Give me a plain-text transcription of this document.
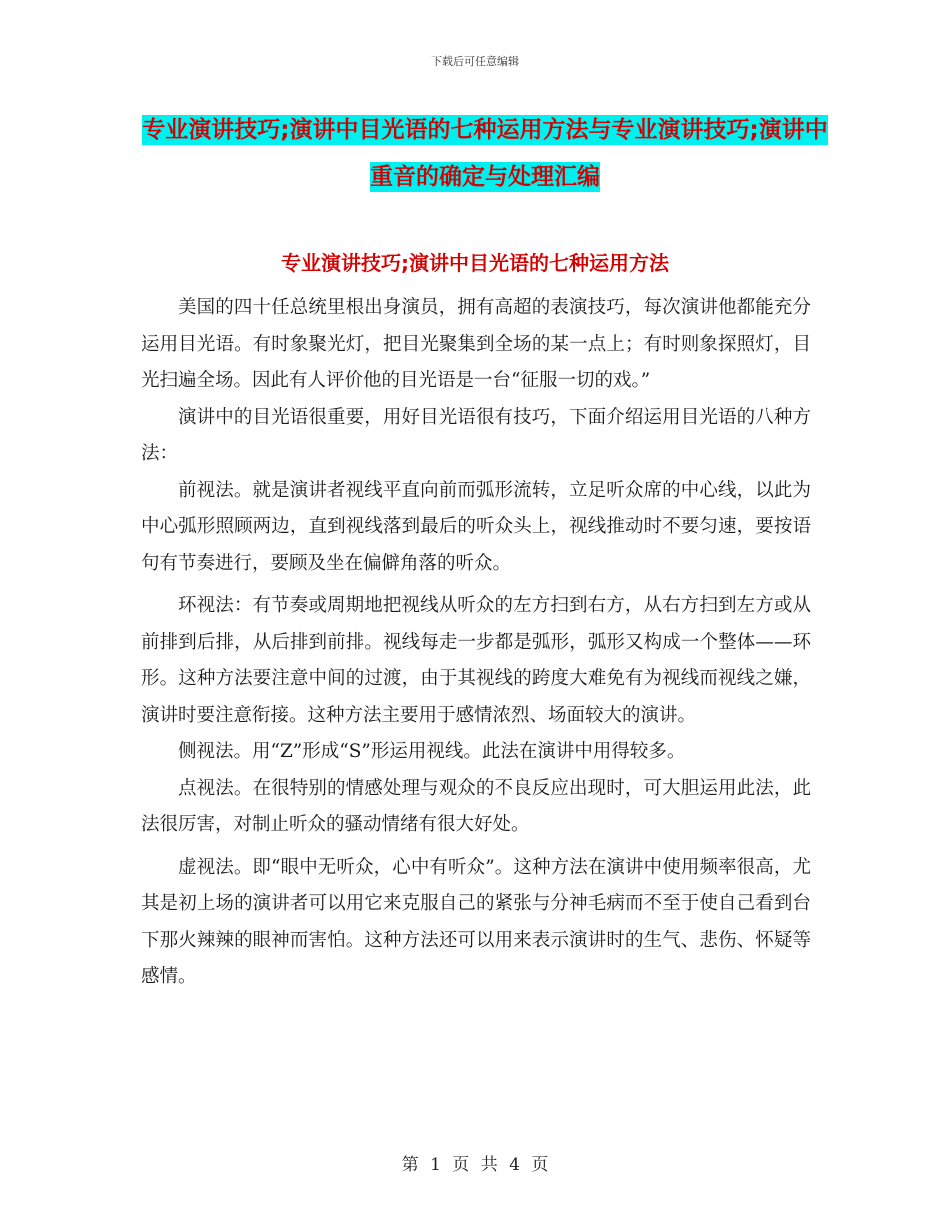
下载后可任意编辑
专业演讲技巧;演讲中目光语的七种运用方法与专业演讲技巧;演讲中重音的确定与处理汇编
专业演讲技巧;演讲中目光语的七种运用方法

美国的四十任总统里根出身演员，拥有高超的表演技巧，每次演讲他都能充分运用目光语。有时象聚光灯，把目光聚集到全场的某一点上；有时则象探照灯，目光扫遍全场。因此有人评价他的目光语是一台“征服一切的戏。”

演讲中的目光语很重要，用好目光语很有技巧，下面介绍运用目光语的八种方法：

前视法。就是演讲者视线平直向前而弧形流转，立足听众席的中心线，以此为中心弧形照顾两边，直到视线落到最后的听众头上，视线推动时不要匀速，要按语句有节奏进行，要顾及坐在偏僻角落的听众。

环视法：有节奏或周期地把视线从听众的左方扫到右方，从右方扫到左方或从前排到后排，从后排到前排。视线每走一步都是弧形，弧形又构成一个整体——环形。这种方法要注意中间的过渡，由于其视线的跨度大难免有为视线而视线之嫌，演讲时要注意衔接。这种方法主要用于感情浓烈、场面较大的演讲。

侧视法。用“Z”形成“S”形运用视线。此法在演讲中用得较多。

点视法。在很特别的情感处理与观众的不良反应出现时，可大胆运用此法，此法很厉害，对制止听众的骚动情绪有很大好处。

虚视法。即“眼中无听众，心中有听众”。这种方法在演讲中使用频率很高，尤其是初上场的演讲者可以用它来克服自己的紧张与分神毛病而不至于使自己看到台下那火辣辣的眼神而害怕。这种方法还可以用来表示演讲时的生气、悲伤、怀疑等感情。

第 1 页 共 4 页
